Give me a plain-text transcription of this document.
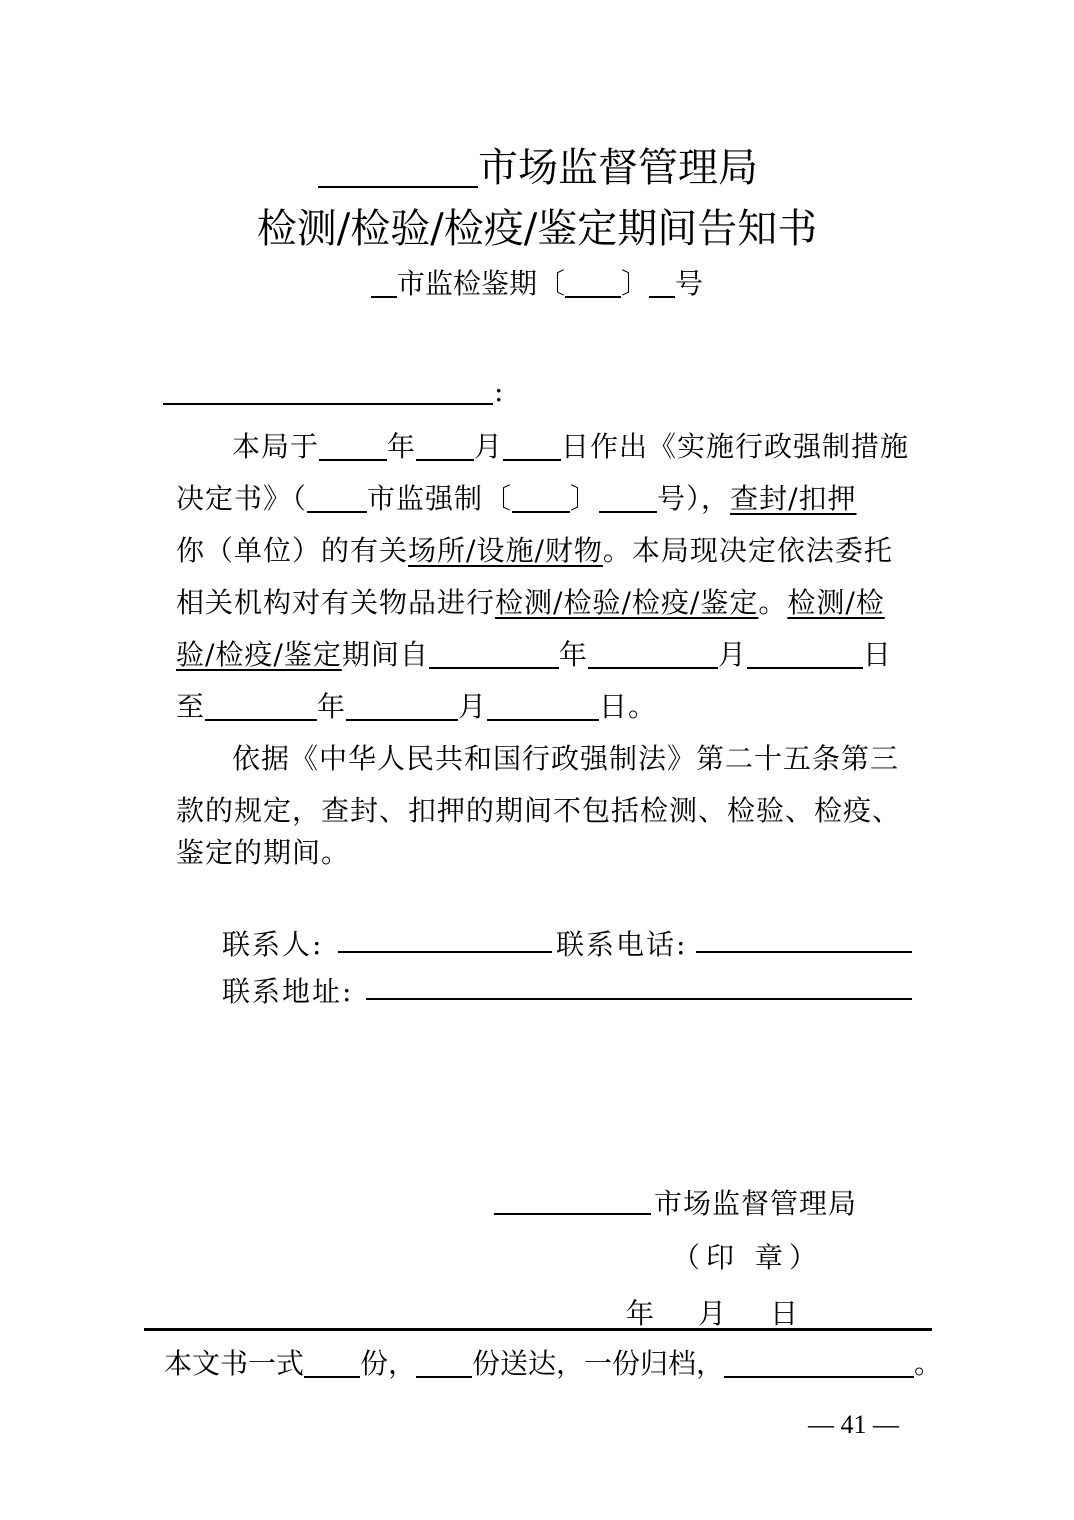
市场监督管理局
检测/检验/检疫/鉴定期间告知书
市监检鉴期〔 〕 号
:
本局于 年 月 日作出《实施行政强制措施
决定书》（ 市监强制〔 〕 号），查封/扣押
你（单位）的有关场所/设施/财物。本局现决定依法委托
相关机构对有关物品进行检测/检验/检疫/鉴定。检测/检
验/检疫/鉴定期间自	年	月	日
至	年	月	日。
依据《中华人民共和国行政强制法》第二十五条第三
款的规定，查封、扣押的期间不包括检测、检验、检疫、
鉴定的期间。
联系人:	联系电话:
联系地址:
市场监督管理局
（印 章）
年 月 日
本文书一式 份， 份送达，一份归档，	。
— 41 —
